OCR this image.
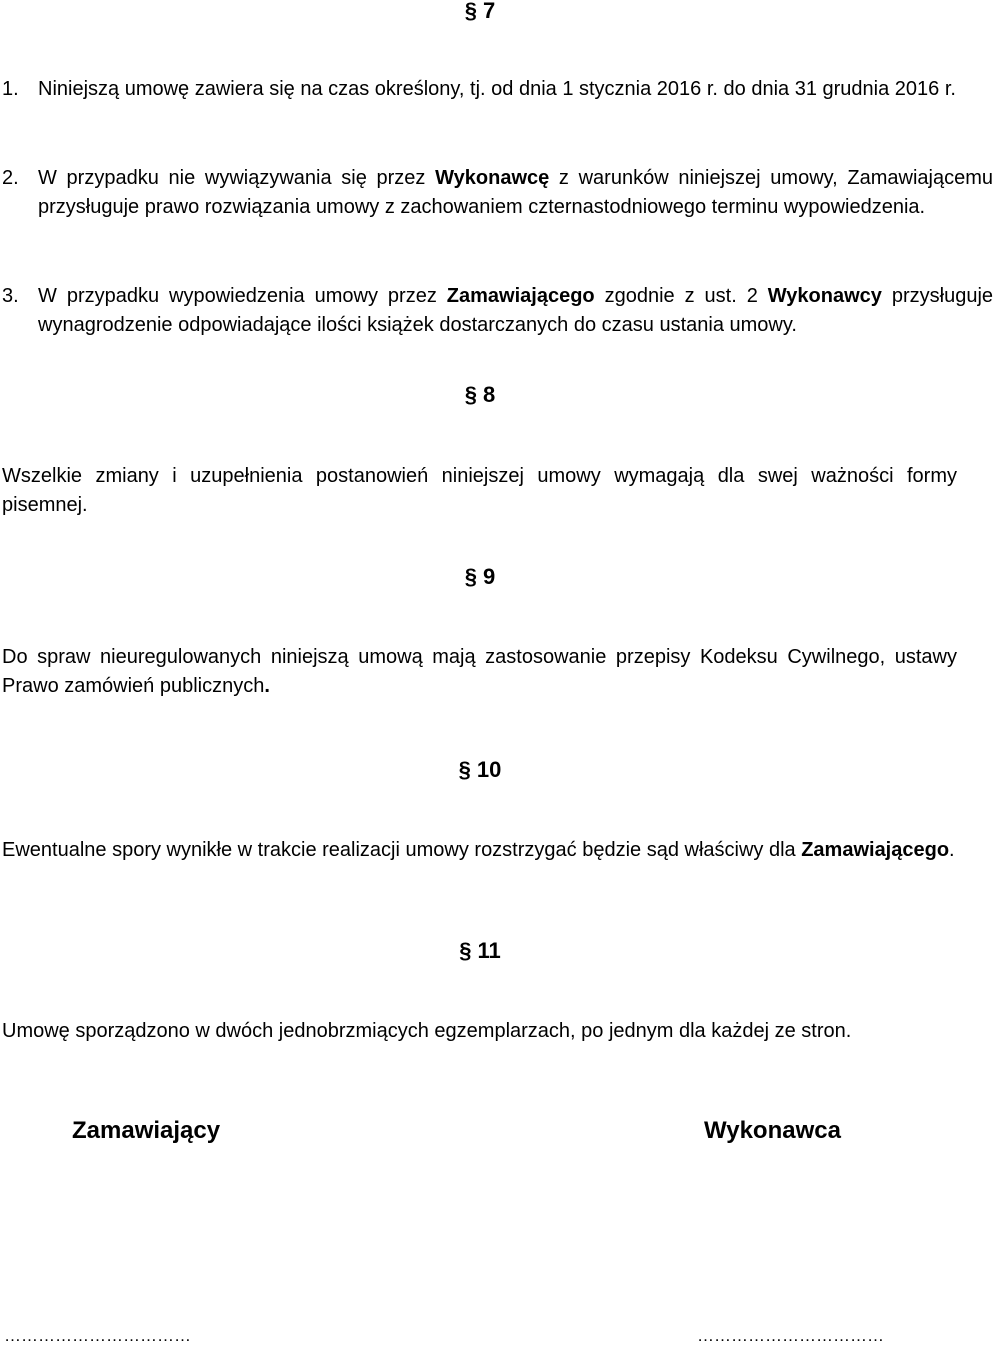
§ 7

1. Niniejszą umowę zawiera się na czas określony, tj. od dnia 1 stycznia 2016 r. do dnia 31 grudnia 2016 r.

2. W przypadku nie wywiązywania się przez Wykonawcę z warunków niniejszej umowy, Zamawiającemu przysługuje prawo rozwiązania umowy z zachowaniem czternastodniowego terminu wypowiedzenia.

3. W przypadku wypowiedzenia umowy przez Zamawiającego zgodnie z ust. 2 Wykonawcy przysługuje wynagrodzenie odpowiadające ilości książek dostarczanych do czasu ustania umowy.

§ 8

Wszelkie zmiany i uzupełnienia postanowień niniejszej umowy wymagają dla swej ważności formy pisemnej.

§ 9

Do spraw nieuregulowanych niniejszą umową mają zastosowanie przepisy Kodeksu Cywilnego, ustawy Prawo zamówień publicznych.

§ 10

Ewentualne spory wynikłe w trakcie realizacji umowy rozstrzygać będzie sąd właściwy dla Zamawiającego.

§ 11

Umowę sporządzono w dwóch jednobrzmiących egzemplarzach, po jednym dla każdej ze stron.

Zamawiający	Wykonawca

……………………………	……………………………
